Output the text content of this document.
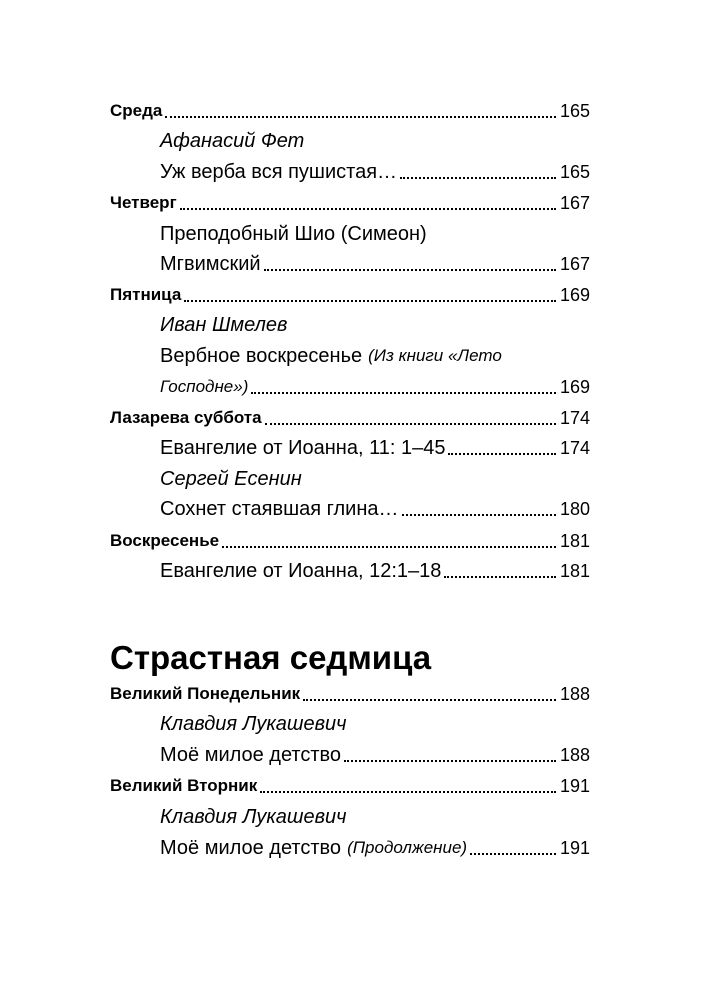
Среда	165
Афанасий Фет
Уж верба вся пушистая…	165
Четверг	167
Преподобный Шио (Симеон)
Мгвимский	167
Пятница	169
Иван Шмелев
Вербное воскресенье (Из книги «Лето
Господне»)	169
Лазарева суббота	174
Евангелие от Иоанна, 11: 1–45	174
Сергей Есенин
Сохнет стаявшая глина…	180
Воскресенье	181
Евангелие от Иоанна, 12:1–18	181
Страстная седмица
Великий Понедельник	188
Клавдия Лукашевич
Моё милое детство	188
Великий Вторник	191
Клавдия Лукашевич
Моё милое детство (Продолжение)	191
